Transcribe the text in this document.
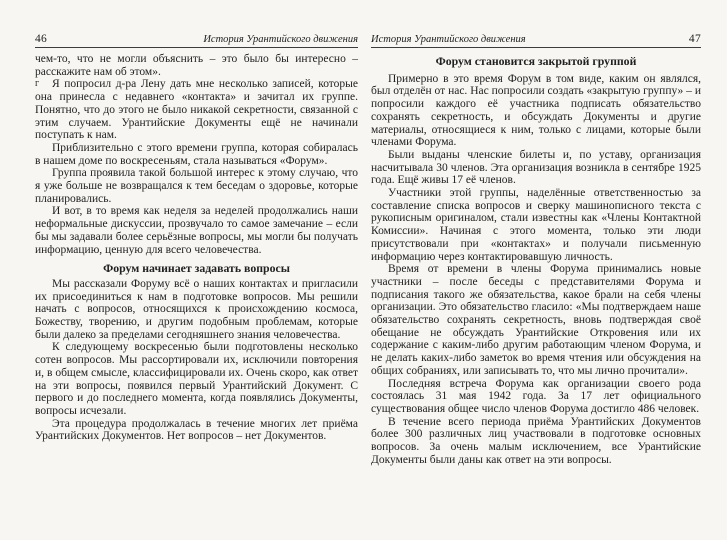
46	История Урантийского движения

чем-то, что не могли объяснить – это было бы интересно – расскажите нам об этом».

г Я попросил д-ра Лену дать мне несколько записей, которые она принесла с недавнего «контакта» и зачитал их группе. Понятно, что до этого не было никакой секретности, связанной с этим случаем. Урантийские Документы ещё не начинали поступать к нам.

Приблизительно с этого времени группа, которая собиралась в нашем доме по воскресеньям, стала называться «Форум».

Группа проявила такой большой интерес к этому случаю, что я уже больше не возвращался к тем беседам о здоровье, которые планировались.

И вот, в то время как неделя за неделей продолжались наши неформальные дискуссии, прозвучало то самое замечание – если бы мы задавали более серьёзные вопросы, мы могли бы получать информацию, ценную для всего человечества.

Форум начинает задавать вопросы

Мы рассказали Форуму всё о наших контактах и пригласили их присоединиться к нам в подготовке вопросов. Мы решили начать с вопросов, относящихся к происхождению космоса, Божеству, творению, и другим подобным проблемам, которые были далеко за пределами сегодняшнего знания человечества.

К следующему воскресенью были подготовлены несколько сотен вопросов. Мы рассортировали их, исключили повторения и, в общем смысле, классифицировали их. Очень скоро, как ответ на эти вопросы, появился первый Урантийский Документ. С первого и до последнего момента, когда появлялись Документы, вопросы исчезали.

Эта процедура продолжалась в течение многих лет приёма Урантийских Документов. Нет вопросов – нет Документов.

История Урантийского движения	47
Форум становится закрытой группой

Примерно в это время Форум в том виде, каким он являлся, был отделён от нас. Нас попросили создать «закрытую группу» – и попросили каждого её участника подписать обязательство сохранять секретность, и обсуждать Документы и другие материалы, относящиеся к ним, только с лицами, которые были членами Форума.

Были выданы членские билеты и, по уставу, организация насчитывала 30 членов. Эта организация возникла в сентябре 1925 года. Ещё живы 17 её членов.

Участники этой группы, наделённые ответственностью за составление списка вопросов и сверку машинописного текста с рукописным оригиналом, стали известны как «Члены Контактной Комиссии». Начиная с этого момента, только эти люди присутствовали при «контактах» и получали письменную информацию через контактировавшую личность.

Время от времени в члены Форума принимались новые участники – после беседы с представителями Форума и подписания такого же обязательства, какое брали на себя члены организации. Это обязательство гласило: «Мы подтверждаем наше обязательство сохранять секретность, вновь подтверждая своё обещание не обсуждать Урантийские Откровения или их содержание с каким-либо другим работающим членом Форума, и не делать каких-либо заметок во время чтения или обсуждения на общих собраниях, или записывать то, что мы лично прочитали».

Последняя встреча Форума как организации своего рода состоялась 31 мая 1942 года. За 17 лет официального существования общее число членов Форума достигло 486 человек.

В течение всего периода приёма Урантийских Документов более 300 различных лиц участвовали в подготовке основных вопросов. За очень малым исключением, все Урантийские Документы были даны как ответ на эти вопросы.
